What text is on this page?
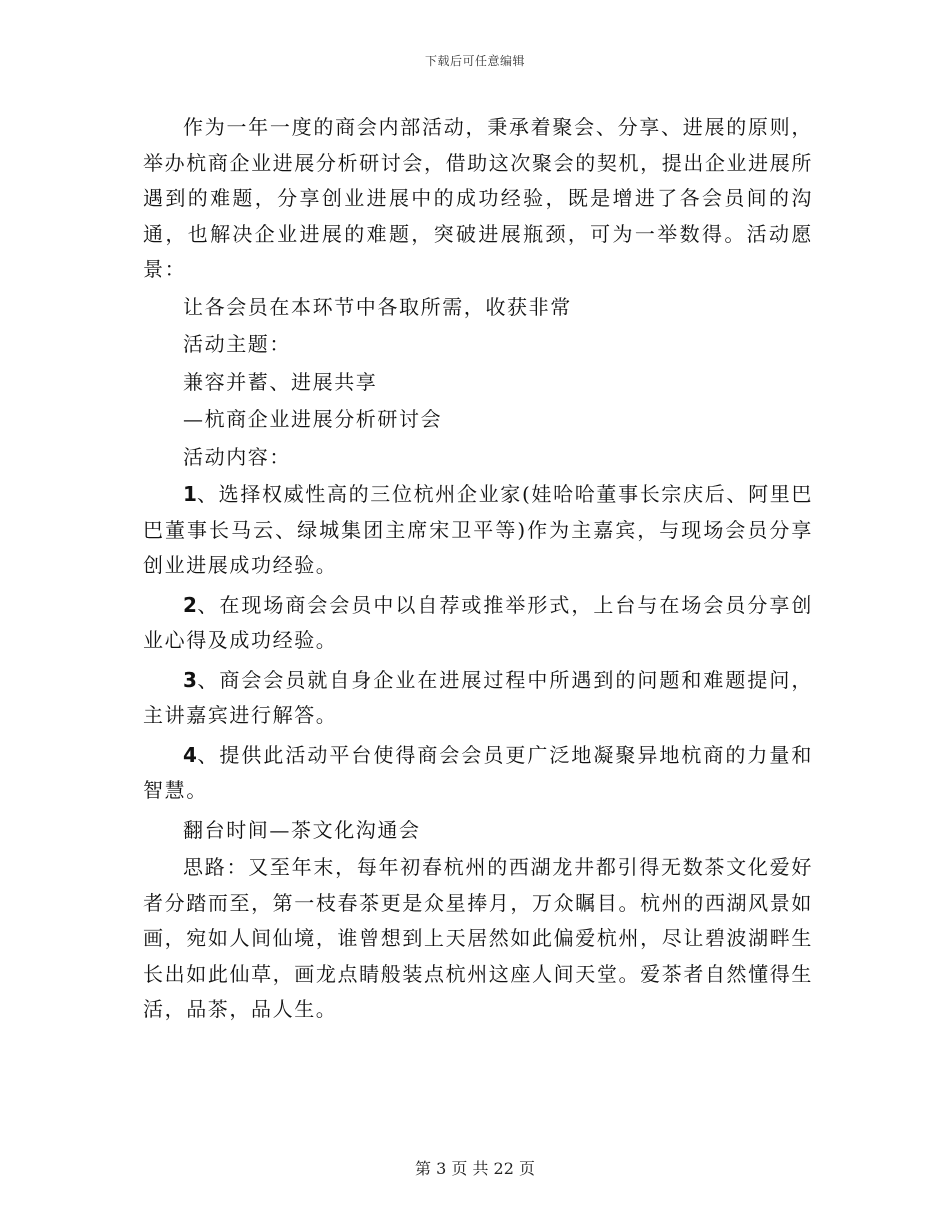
下载后可任意编辑

作为一年一度的商会内部活动，秉承着聚会、分享、进展的原则，举办杭商企业进展分析研讨会，借助这次聚会的契机，提出企业进展所遇到的难题，分享创业进展中的成功经验，既是增进了各会员间的沟通，也解决企业进展的难题，突破进展瓶颈，可为一举数得。活动愿景：

让各会员在本环节中各取所需，收获非常

活动主题：

兼容并蓄、进展共享

—杭商企业进展分析研讨会

活动内容：

1、选择权威性高的三位杭州企业家(娃哈哈董事长宗庆后、阿里巴巴董事长马云、绿城集团主席宋卫平等)作为主嘉宾，与现场会员分享创业进展成功经验。

2、在现场商会会员中以自荐或推举形式，上台与在场会员分享创业心得及成功经验。

3、商会会员就自身企业在进展过程中所遇到的问题和难题提问，主讲嘉宾进行解答。

4、提供此活动平台使得商会会员更广泛地凝聚异地杭商的力量和智慧。

翻台时间—茶文化沟通会

思路：又至年末，每年初春杭州的西湖龙井都引得无数茶文化爱好者分踏而至，第一枝春茶更是众星捧月，万众瞩目。杭州的西湖风景如画，宛如人间仙境，谁曾想到上天居然如此偏爱杭州，尽让碧波湖畔生长出如此仙草，画龙点睛般装点杭州这座人间天堂。爱茶者自然懂得生活，品茶，品人生。

第 3 页 共 22 页
